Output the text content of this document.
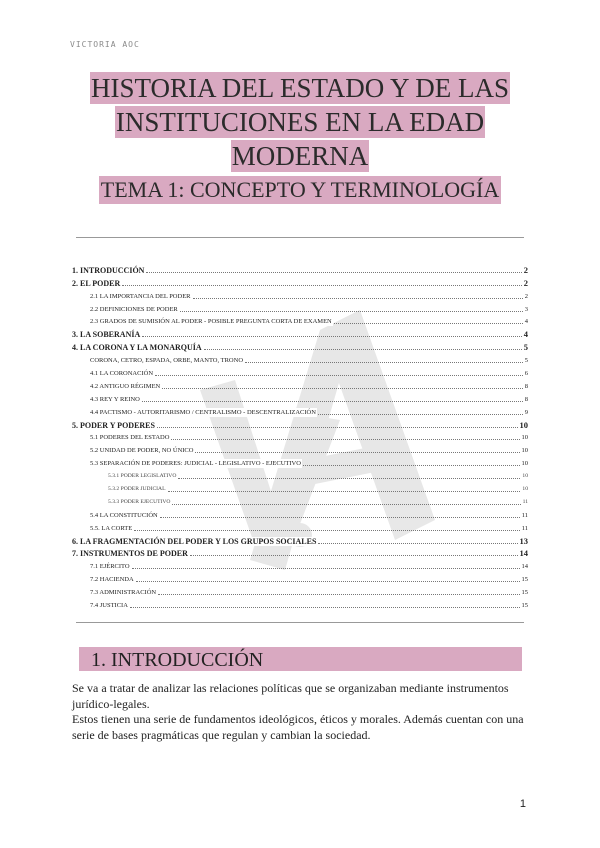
VICTORIA AOC
HISTORIA DEL ESTADO Y DE LAS
INSTITUCIONES EN LA EDAD
MODERNA
TEMA 1: CONCEPTO Y TERMINOLOGÍA
1. INTRODUCCIÓN	2
2. EL PODER	2
2.1 LA IMPORTANCIA DEL PODER	2
2.2 DEFINICIONES DE PODER	3
2.3 GRADOS DE SUMISIÓN AL PODER - POSIBLE PREGUNTA CORTA DE EXAMEN	4
3. LA SOBERANÍA	4
4. LA CORONA Y LA MONARQUÍA	5
CORONA, CETRO, ESPADA, ORBE, MANTO, TRONO	5
4.1 LA CORONACIÓN	6
4.2 ANTIGUO RÉGIMEN	8
4.3 REY Y REINO	8
4.4 PACTISMO - AUTORITARISMO / CENTRALISMO - DESCENTRALIZACIÓN	9
5. PODER Y PODERES	10
5.1 PODERES DEL ESTADO	10
5.2 UNIDAD DE PODER, NO ÚNICO	10
5.3 SEPARACIÓN DE PODERES: JUDICIAL - LEGISLATIVO - EJECUTIVO	10
5.3.1 PODER LEGISLATIVO	10
5.3.2 PODER JUDICIAL	10
5.3.3 PODER EJECUTIVO	11
5.4 LA CONSTITUCIÓN	11
5.5. LA CORTE	11
6. LA FRAGMENTACIÓN DEL PODER Y LOS GRUPOS SOCIALES	13
7. INSTRUMENTOS DE PODER	14
7.1 EJÉRCITO	14
7.2 HACIENDA	15
7.3 ADMINISTRACIÓN	15
7.4 JUSTICIA	15
1. INTRODUCCIÓN

Se va a tratar de analizar las relaciones políticas que se organizaban mediante instrumentos jurídico-legales.

Estos tienen una serie de fundamentos ideológicos, éticos y morales. Además cuentan con una serie de bases pragmáticas que regulan y cambian la sociedad.

1
